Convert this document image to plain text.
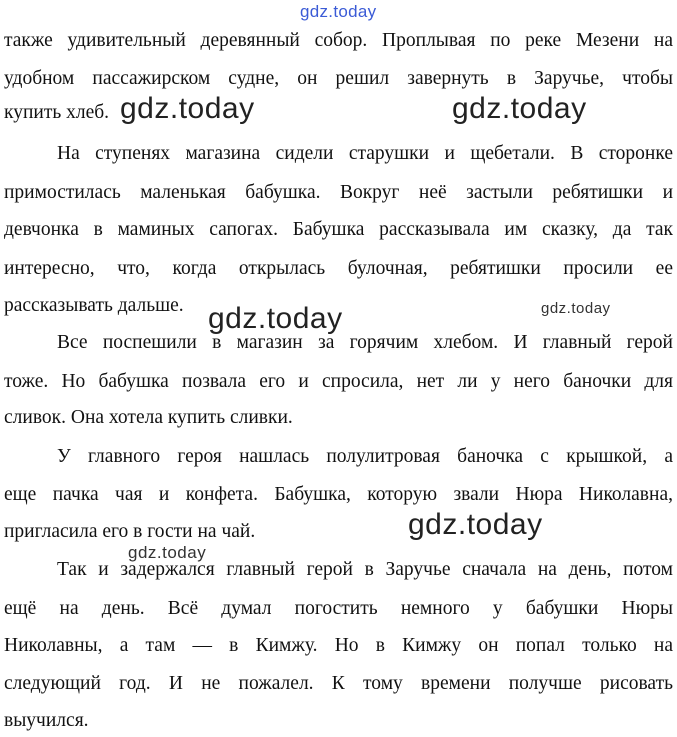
также удивительный деревянный собор. Проплывая по реке Мезени на
удобном пассажирском судне, он решил завернуть в Заручье, чтобы
купить хлеб.
На ступенях магазина сидели старушки и щебетали. В сторонке
примостилась маленькая бабушка. Вокруг неё застыли ребятишки и
девчонка в маминых сапогах. Бабушка рассказывала им сказку, да так
интересно, что, когда открылась булочная, ребятишки просили ее
рассказывать дальше.
Все поспешили в магазин за горячим хлебом. И главный герой
тоже. Но бабушка позвала его и спросила, нет ли у него баночки для
сливок. Она хотела купить сливки.
У главного героя нашлась полулитровая баночка с крышкой, а
еще пачка чая и конфета. Бабушка, которую звали Нюра Николавна,
пригласила его в гости на чай.
Так и задержался главный герой в Заручье сначала на день, потом
ещё на день. Всё думал погостить немного у бабушки Нюры
Николавны, а там — в Кимжу. Но в Кимжу он попал только на
следующий год. И не пожалел. К тому времени получше рисовать
выучился.
gdz.today
gdz.today	gdz.today
gdz.today	gdz.today
gdz.today
gdz.today
